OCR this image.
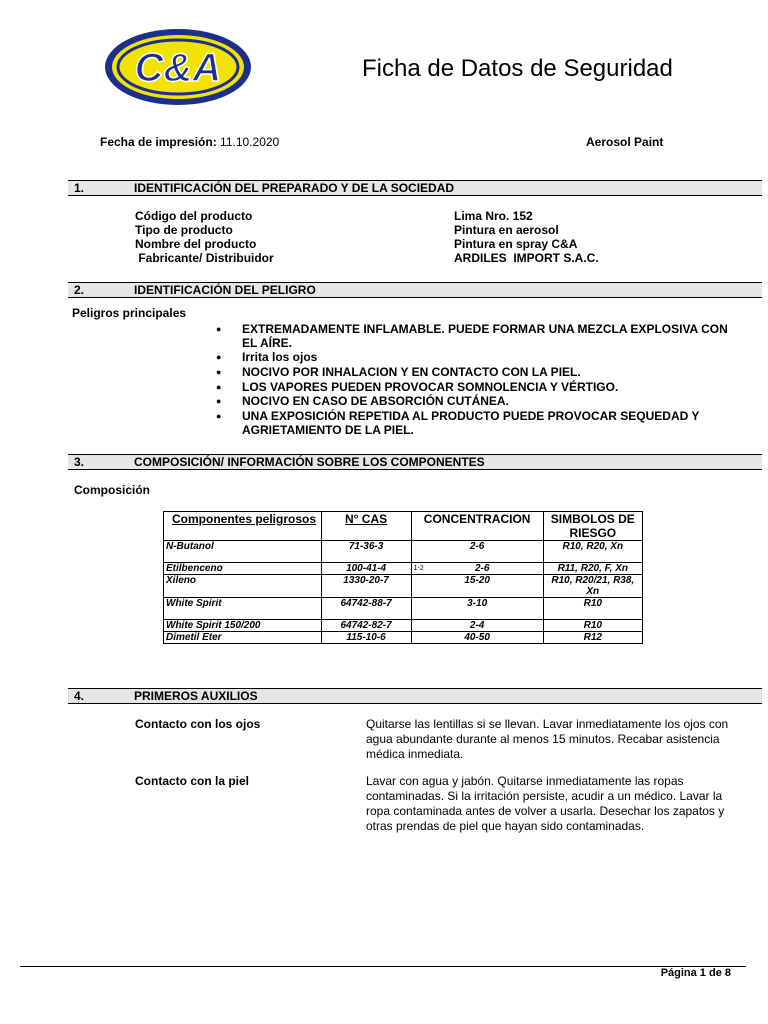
C&A	Ficha de Datos de Seguridad
Fecha de impresión: 11.10.2020	Aerosol Paint
1.	IDENTIFICACIÓN DEL PREPARADO Y DE LA SOCIEDAD
Código del producto	Lima Nro. 152
Tipo de producto	Pintura en aerosol
Nombre del producto	Pintura en spray C&A
Fabricante/ Distribuidor	ARDILES  IMPORT S.A.C.
2.	IDENTIFICACIÓN DEL PELIGRO
Peligros principales
● EXTREMADAMENTE INFLAMABLE. PUEDE FORMAR UNA MEZCLA EXPLOSIVA CON EL AÍRE.
● Irrita los ojos
● NOCIVO POR INHALACION Y EN CONTACTO CON LA PIEL.
● LOS VAPORES PUEDEN PROVOCAR SOMNOLENCIA Y VÉRTIGO.
● NOCIVO EN CASO DE ABSORCIÓN CUTÁNEA.
● UNA EXPOSICIÓN REPETIDA AL PRODUCTO PUEDE PROVOCAR SEQUEDAD Y AGRIETAMIENTO DE LA PIEL.
3.	COMPOSICIÓN/ INFORMACIÓN SOBRE LOS COMPONENTES
Composición
Componentes peligrosos	N° CAS	CONCENTRACION	SIMBOLOS DE RIESGO
N-Butanol	71-36-3	2-6	R10, R20, Xn
Etilbenceno	100-41-4	1-2 2-6	R11, R20, F, Xn
Xileno	1330-20-7	15-20	R10, R20/21, R38, Xn
White Spirit	64742-88-7	3-10	R10
White Spirit 150/200	64742-82-7	2-4	R10
Dimetil Eter	115-10-6	40-50	R12
4.	PRIMEROS AUXILIOS
Contacto con los ojos	Quitarse las lentillas si se llevan. Lavar inmediatamente los ojos con agua abundante durante al menos 15 minutos. Recabar asistencia médica inmediata.
Contacto con la piel	Lavar con agua y jabón. Quitarse inmediatamente las ropas contaminadas. Si la irritación persiste, acudir a un médico. Lavar la ropa contaminada antes de volver a usarla. Desechar los zapatos y otras prendas de piel que hayan sido contaminadas.
Página 1 de 8
